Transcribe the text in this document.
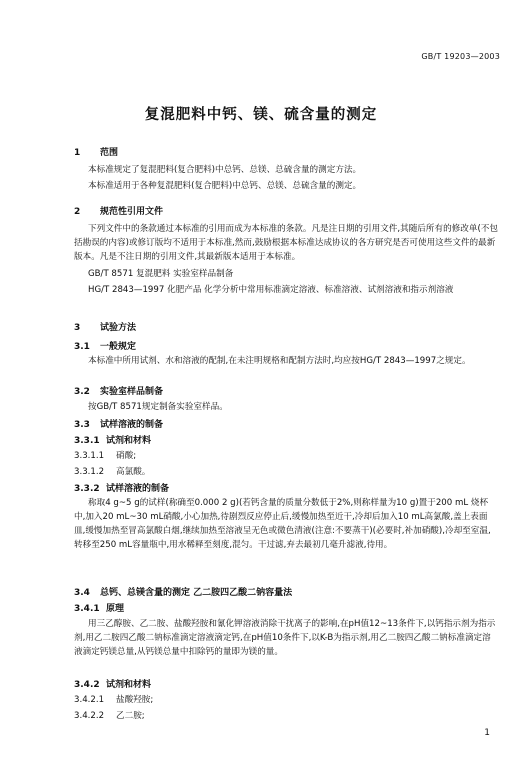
GB/T 19203—2003
复混肥料中钙、镁、硫含量的测定
1 范围
本标准规定了复混肥料(复合肥料)中总钙、总镁、总硫含量的测定方法。
本标准适用于各种复混肥料(复合肥料)中总钙、总镁、总硫含量的测定。
2 规范性引用文件
下列文件中的条款通过本标准的引用而成为本标准的条款。凡是注日期的引用文件,其随后所有的修改单(不包括勘误的内容)或修订版均不适用于本标准,然而,鼓励根据本标准达成协议的各方研究是否可使用这些文件的最新版本。凡是不注日期的引用文件,其最新版本适用于本标准。
GB/T 8571 复混肥料 实验室样品制备
HG/T 2843—1997 化肥产品 化学分析中常用标准滴定溶液、标准溶液、试剂溶液和指示剂溶液
3 试验方法
3.1 一般规定
本标准中所用试剂、水和溶液的配制,在未注明规格和配制方法时,均应按HG/T 2843—1997之规定。
3.2 实验室样品制备
按GB/T 8571规定制备实验室样品。
3.3 试样溶液的制备
3.3.1 试剂和材料
3.3.1.1 硝酸;
3.3.1.2 高氯酸。
3.3.2 试样溶液的制备
称取4 g~5 g的试样(称确至0.000 2 g)(若钙含量的质量分数低于2%,则称样量为10 g)置于200 mL 烧杯中,加入20 mL~30 mL硝酸,小心加热,待剧烈反应停止后,缓慢加热至近干,冷却后加入10 mL高氯酸,盖上表面皿,缓慢加热至冒高氯酸白烟,继续加热至溶液呈无色或微色清液(注意:不要蒸干)(必要时,补加硝酸),冷却至室温,转移至250 mL容量瓶中,用水稀释至刻度,混匀。干过滤,弃去最初几毫升滤液,待用。
3.4 总钙、总镁含量的测定 乙二胺四乙酸二钠容量法
3.4.1 原理
用三乙醇胺、乙二胺、盐酸羟胺和氰化钾溶液消除干扰离子的影响,在pH值12~13条件下,以钙指示剂为指示剂,用乙二胺四乙酸二钠标准滴定溶液滴定钙,在pH值10条件下,以K-B为指示剂,用乙二胺四乙酸二钠标准滴定溶液滴定钙镁总量,从钙镁总量中扣除钙的量即为镁的量。
3.4.2 试剂和材料
3.4.2.1 盐酸羟胺;
3.4.2.2 乙二胺;
1
